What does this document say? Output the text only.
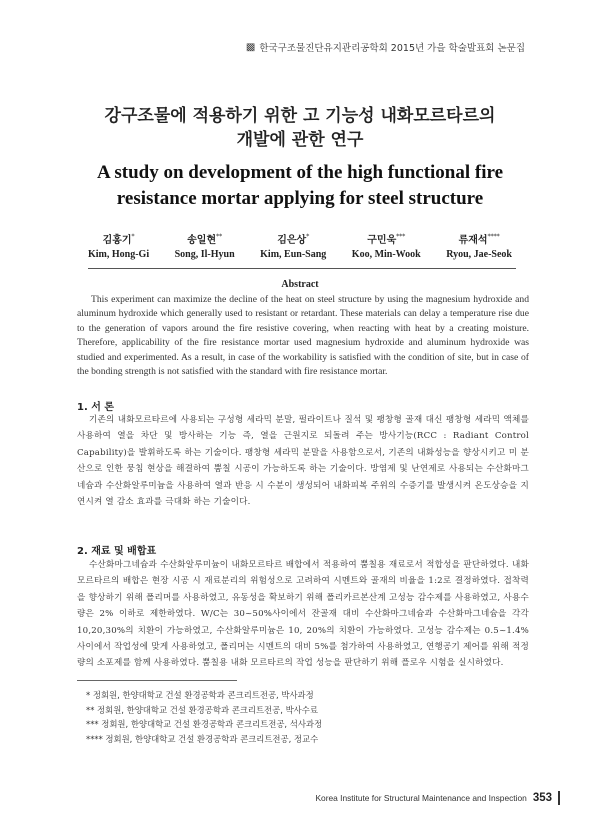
▩ 한국구조물진단유지관리공학회 2015년 가을 학술발표회 논문집
강구조물에 적용하기 위한 고 기능성 내화모르타르의
개발에 관한 연구
A study on development of the high functional fire
resistance mortar applying for steel structure
김홍기*
Kim, Hong-Gi
송일현**
Song, Il-Hyun
김은상*
Kim, Eun-Sang
구민욱***
Koo, Min-Wook
류재석****
Ryou, Jae-Seok
Abstract
This experiment can maximize the decline of the heat on steel structure by using the magnesium hydroxide and aluminum hydroxide which generally used to resistant or retardant. These materials can delay a temperature rise due to the generation of vapors around the fire resistive covering, when reacting with heat by a creating moisture. Therefore, applicability of the fire resistance mortar used magnesium hydroxide and aluminum hydroxide was studied and experimented. As a result, in case of the workability is satisfied with the condition of site, but in case of the bonding strength is not satisfied with the standard with fire resistance mortar.
1. 서 론
기존의 내화모르타르에 사용되는 구성형 세라믹 분말, 펄라이트나 질석 및 팽창형 골재 대신 팽창형 세라믹 액체를 사용하여 열을 차단 및 방사하는 기능 즉, 열을 근원지로 되돌려 주는 방사기능(RCC : Radiant Control Capability)을 발휘하도록 하는 기술이다. 팽창형 세라믹 분말을 사용함으로서, 기존의 내화성능을 향상시키고 미 분산으로 인한 뭉침 현상을 해결하여 뿜칠 시공이 가능하도록 하는 기술이다. 방염제 및 난연제로 사용되는 수산화마그네슘과 수산화알루미늄을 사용하여 열과 반응 시 수분이 생성되어 내화피복 주위의 수증기를 발생시켜 온도상승을 지연시켜 열 감소 효과를 극대화 하는 기술이다.
2. 재료 및 배합표
수산화마그네슘과 수산화알루미늄이 내화모르타르 배합에서 적용하여 뿜칠용 재료로서 적합성을 판단하였다. 내화모르타르의 배합은 현장 시공 시 재료분리의 위험성으로 고려하여 시멘트와 골재의 비율을 1:2로 결정하였다. 접착력을 향상하기 위해 폴리머를 사용하였고, 유동성을 확보하기 위해 폴리카르본산계 고성능 감수제를 사용하였고, 사용수량은 2% 이하로 제한하였다. W/C는 30~50%사이에서 잔골재 대비 수산화마그네슘과 수산화마그네슘을 각각 10,20,30%의 치환이 가능하였고, 수산화알루미늄은 10, 20%의 치환이 가능하였다. 고성능 감수제는 0.5~1.4% 사이에서 작업성에 맞게 사용하였고, 폴리머는 시멘트의 대비 5%를 첨가하여 사용하였고, 연행공기 제어를 위해 적정량의 소포제를 함께 사용하였다. 뿜칠용 내화 모르타르의 작업 성능을 판단하기 위해 플로우 시험을 실시하였다.
* 정회원, 한양대학교 건설 환경공학과 콘크리트전공, 박사과정
** 정회원, 한양대학교 건설 환경공학과 콘크리트전공, 박사수료
*** 정회원, 한양대학교 건설 환경공학과 콘크리트전공, 석사과정
**** 정회원, 한양대학교 건설 환경공학과 콘크리트전공, 정교수
Korea Institute for Structural Maintenance and Inspection 353
